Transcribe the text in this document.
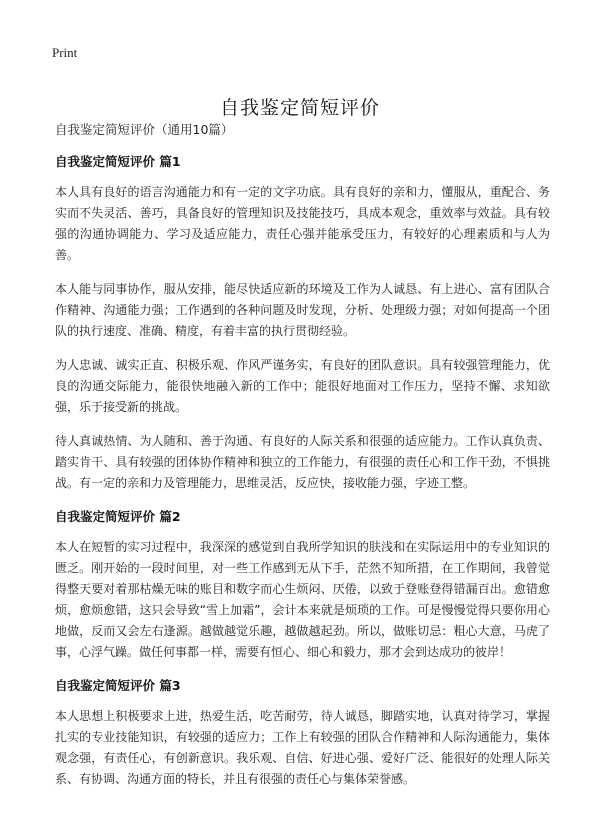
Print
自我鉴定简短评价
自我鉴定简短评价（通用10篇）
自我鉴定简短评价 篇1

本人具有良好的语言沟通能力和有一定的文字功底。具有良好的亲和力，懂服从，重配合、务实而不失灵活、善巧，具备良好的管理知识及技能技巧，具成本观念，重效率与效益。具有较强的沟通协调能力、学习及适应能力，责任心强并能承受压力，有较好的心理素质和与人为善。

本人能与同事协作，服从安排，能尽快适应新的环境及工作为人诚恳、有上进心、富有团队合作精神、沟通能力强；工作遇到的各种问题及时发现，分析、处理级力强；对如何提高一个团队的执行速度、准确、精度，有着丰富的执行贯彻经验。

为人忠诚、诚实正直、积极乐观、作风严谨务实，有良好的团队意识。具有较强管理能力，优良的沟通交际能力，能很快地融入新的工作中；能很好地面对工作压力，坚持不懈、求知欲强，乐于接受新的挑战。

待人真诚热情、为人随和、善于沟通、有良好的人际关系和很强的适应能力。工作认真负责、踏实肯干、具有较强的团体协作精神和独立的工作能力，有很强的责任心和工作干劲，不惧挑战。有一定的亲和力及管理能力，思维灵活，反应快，接收能力强，字迹工整。

自我鉴定简短评价 篇2

本人在短暂的实习过程中，我深深的感觉到自我所学知识的肤浅和在实际运用中的专业知识的匮乏。刚开始的一段时间里，对一些工作感到无从下手，茫然不知所措，在工作期间，我曾觉得整天要对着那枯燥无味的账目和数字而心生烦闷、厌倦，以致于登账登得错漏百出。愈错愈烦，愈烦愈错，这只会导致“雪上加霜”，会计本来就是烦琐的工作。可是慢慢觉得只要你用心地做，反而又会左右逢源。越做越觉乐趣，越做越起劲。所以，做账切忌：粗心大意，马虎了事，心浮气躁。做任何事都一样，需要有恒心、细心和毅力，那才会到达成功的彼岸！

自我鉴定简短评价 篇3

本人思想上积极要求上进，热爱生活，吃苦耐劳，待人诚恳，脚踏实地，认真对待学习，掌握扎实的专业技能知识，有较强的适应力；工作上有较强的团队合作精神和人际沟通能力，集体观念强，有责任心，有创新意识。我乐观、自信、好进心强、爱好广泛、能很好的处理人际关系、有协调、沟通方面的特长，并且有很强的责任心与集体荣誉感。
